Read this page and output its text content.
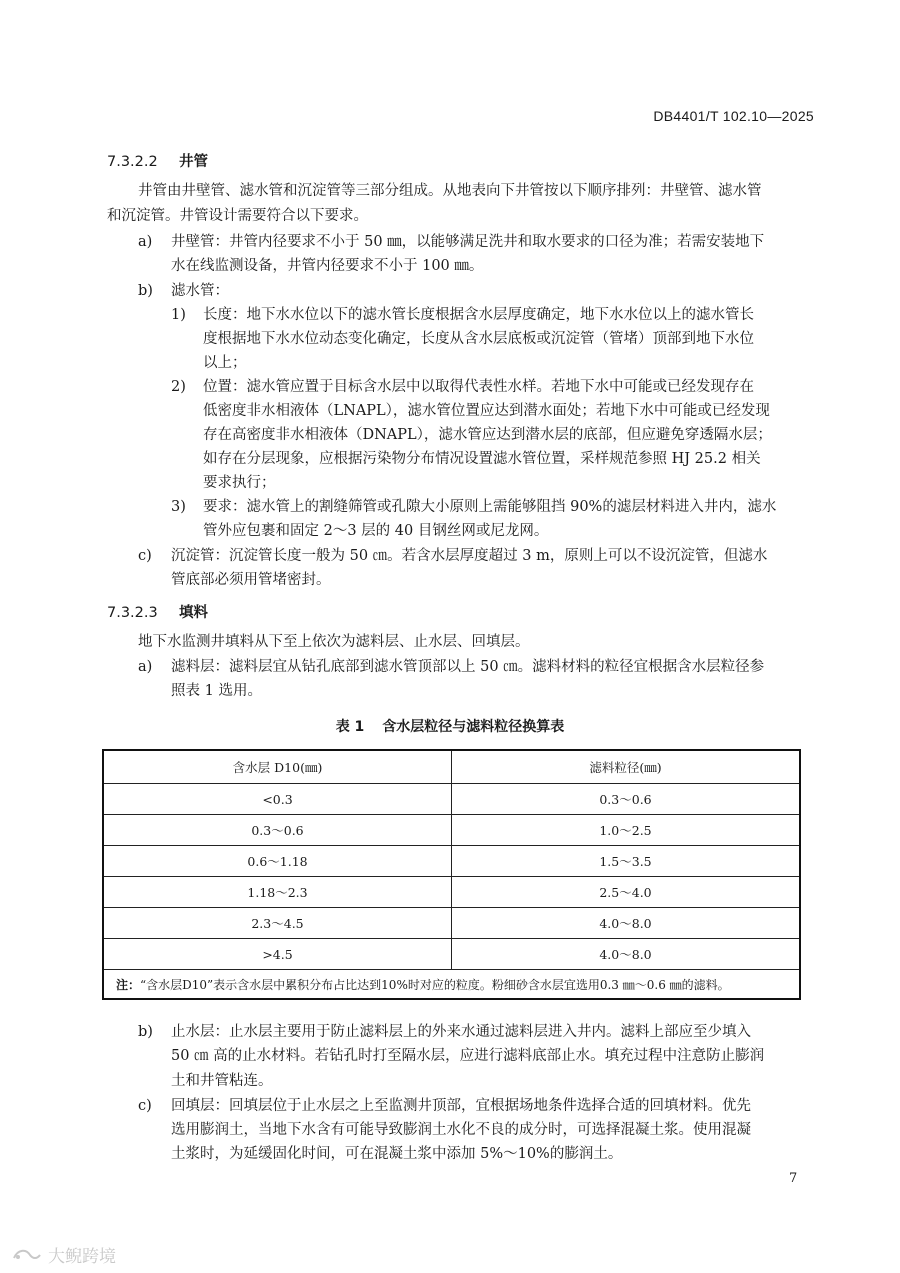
DB4401/T 102.10—2025
7.3.2.2 井管
井管由井壁管、滤水管和沉淀管等三部分组成。从地表向下井管按以下顺序排列：井壁管、滤水管
和沉淀管。井管设计需要符合以下要求。
a) 井壁管：井管内径要求不小于 50 ㎜，以能够满足洗井和取水要求的口径为准；若需安装地下
水在线监测设备，井管内径要求不小于 100 ㎜。
b) 滤水管：
1) 长度：地下水水位以下的滤水管长度根据含水层厚度确定，地下水水位以上的滤水管长
度根据地下水水位动态变化确定，长度从含水层底板或沉淀管（管堵）顶部到地下水位
以上；
2) 位置：滤水管应置于目标含水层中以取得代表性水样。若地下水中可能或已经发现存在
低密度非水相液体（LNAPL），滤水管位置应达到潜水面处；若地下水中可能或已经发现
存在高密度非水相液体（DNAPL），滤水管应达到潜水层的底部，但应避免穿透隔水层；
如存在分层现象，应根据污染物分布情况设置滤水管位置，采样规范参照 HJ 25.2 相关
要求执行；
3) 要求：滤水管上的割缝筛管或孔隙大小原则上需能够阻挡 90%的滤层材料进入井内，滤水
管外应包裹和固定 2～3 层的 40 目钢丝网或尼龙网。
c) 沉淀管：沉淀管长度一般为 50 ㎝。若含水层厚度超过 3 m，原则上可以不设沉淀管，但滤水
管底部必须用管堵密封。
7.3.2.3 填料
地下水监测井填料从下至上依次为滤料层、止水层、回填层。
a) 滤料层：滤料层宜从钻孔底部到滤水管顶部以上 50 ㎝。滤料材料的粒径宜根据含水层粒径参
照表 1 选用。
表 1 含水层粒径与滤料粒径换算表
含水层 D10(㎜)	滤料粒径(㎜)
<0.3	0.3～0.6
0.3～0.6	1.0～2.5
0.6～1.18	1.5～3.5
1.18～2.3	2.5～4.0
2.3～4.5	4.0～8.0
>4.5	4.0～8.0
注：“含水层D10”表示含水层中累积分布占比达到10%时对应的粒度。粉细砂含水层宜选用0.3 ㎜～0.6 ㎜的滤料。	
b) 止水层：止水层主要用于防止滤料层上的外来水通过滤料层进入井内。滤料上部应至少填入
50 ㎝ 高的止水材料。若钻孔时打至隔水层，应进行滤料底部止水。填充过程中注意防止膨润
土和井管粘连。
c) 回填层：回填层位于止水层之上至监测井顶部，宜根据场地条件选择合适的回填材料。优先
选用膨润土，当地下水含有可能导致膨润土水化不良的成分时，可选择混凝土浆。使用混凝
土浆时，为延缓固化时间，可在混凝土浆中添加 5%～10%的膨润土。
7
大鲵跨境
